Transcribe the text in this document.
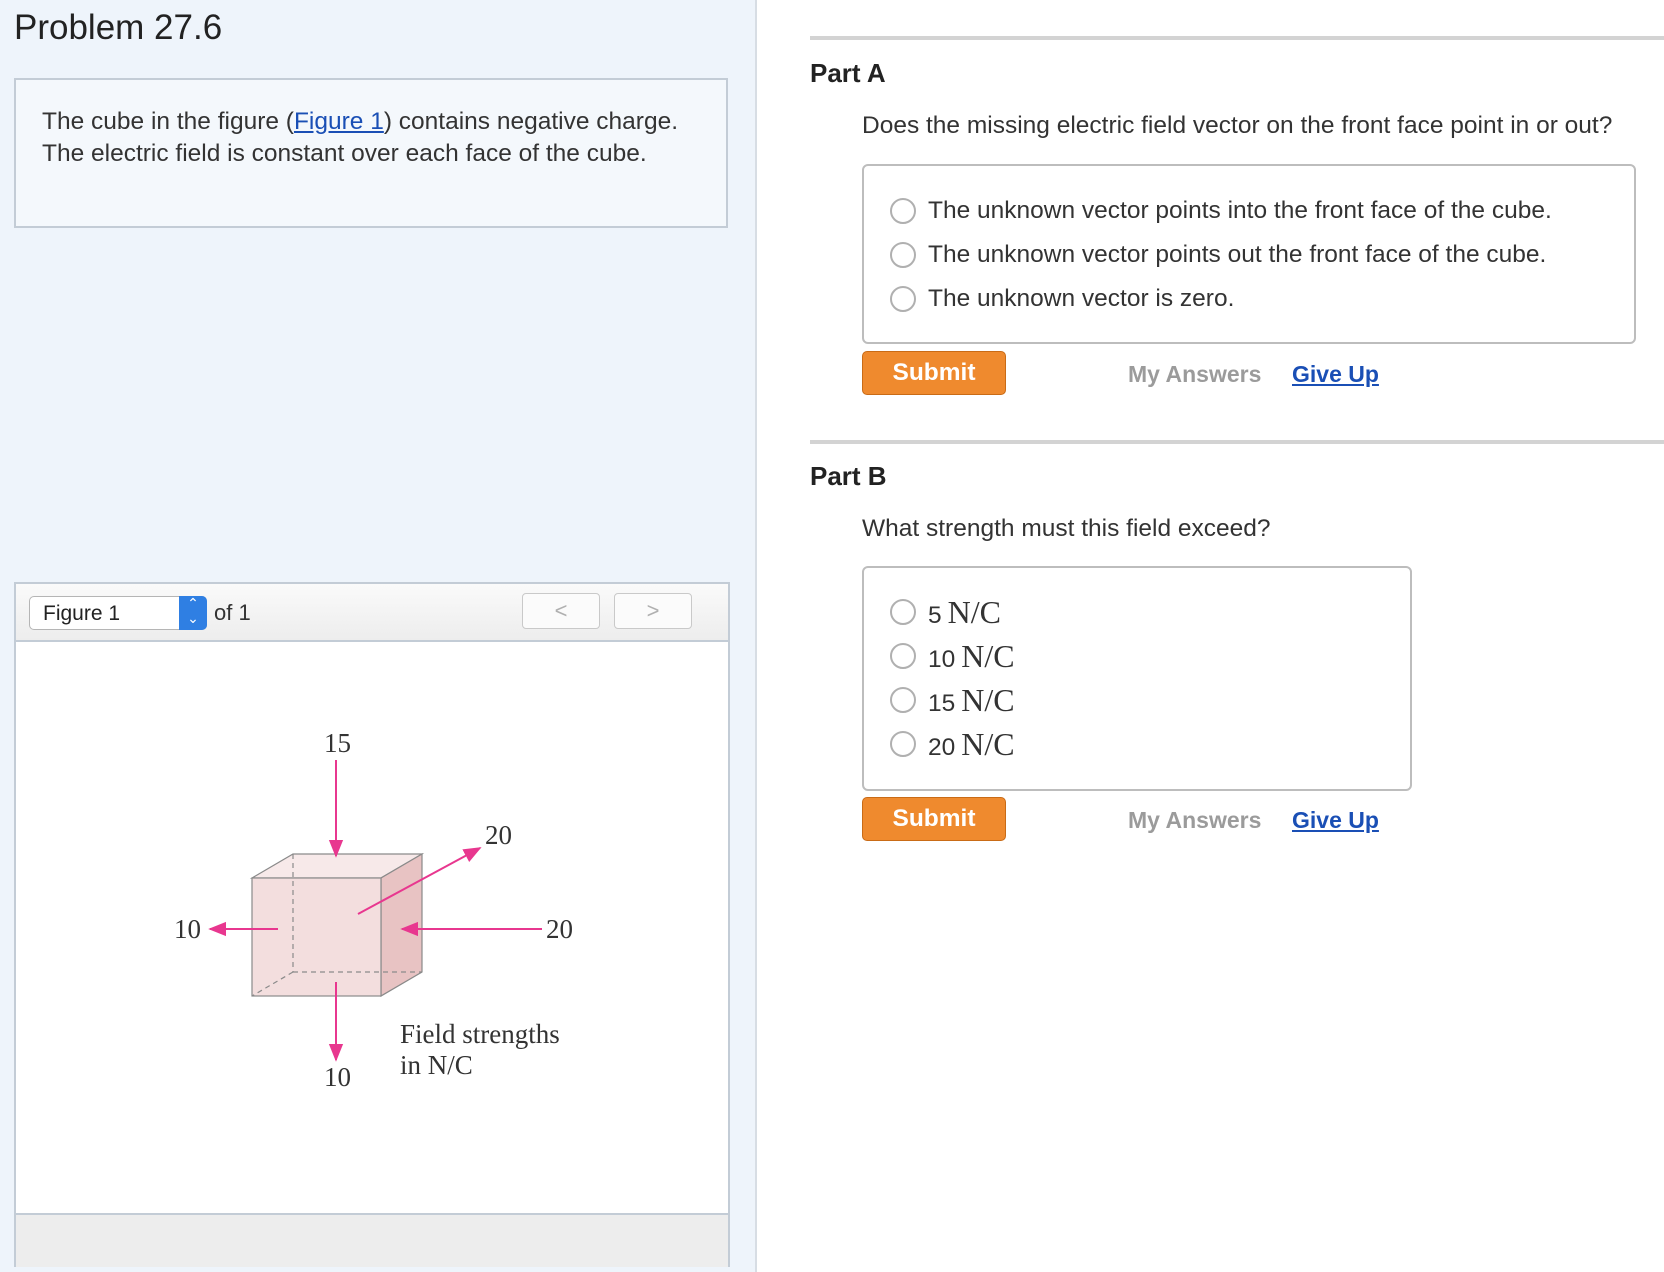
Problem 27.6
The cube in the figure (Figure 1) contains negative charge. The electric field is constant over each face of the cube.
Figure 1	⌃
⌄ of 1	<	>
15
10
10	20
20
Field strengths
in N/C
Part A

Does the missing electric field vector on the front face point in or out?

The unknown vector points into the front face of the cube.
The unknown vector points out the front face of the cube.
The unknown vector is zero.
Submit	My Answers Give Up
Part B

What strength must this field exceed?

5 N/C
10 N/C
15 N/C
20 N/C
Submit	My Answers Give Up
